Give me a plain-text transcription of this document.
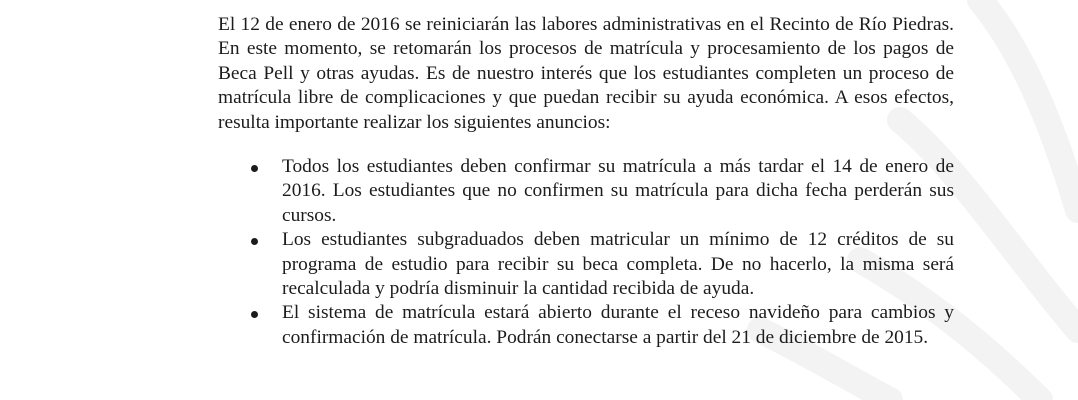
El 12 de enero de 2016 se reiniciarán las labores administrativas en el Recinto de Río Piedras. En este momento, se retomarán los procesos de matrícula y procesamiento de los pagos de Beca Pell y otras ayudas. Es de nuestro interés que los estudiantes completen un proceso de matrícula libre de complicaciones y que puedan recibir su ayuda económica. A esos efectos, resulta importante realizar los siguientes anuncios:

Todos los estudiantes deben confirmar su matrícula a más tardar el 14 de enero de 2016. Los estudiantes que no confirmen su matrícula para dicha fecha perderán sus cursos.
Los estudiantes subgraduados deben matricular un mínimo de 12 créditos de su programa de estudio para recibir su beca completa. De no hacerlo, la misma será recalculada y podría disminuir la cantidad recibida de ayuda.
El sistema de matrícula estará abierto durante el receso navideño para cambios y confirmación de matrícula. Podrán conectarse a partir del 21 de diciembre de 2015.
